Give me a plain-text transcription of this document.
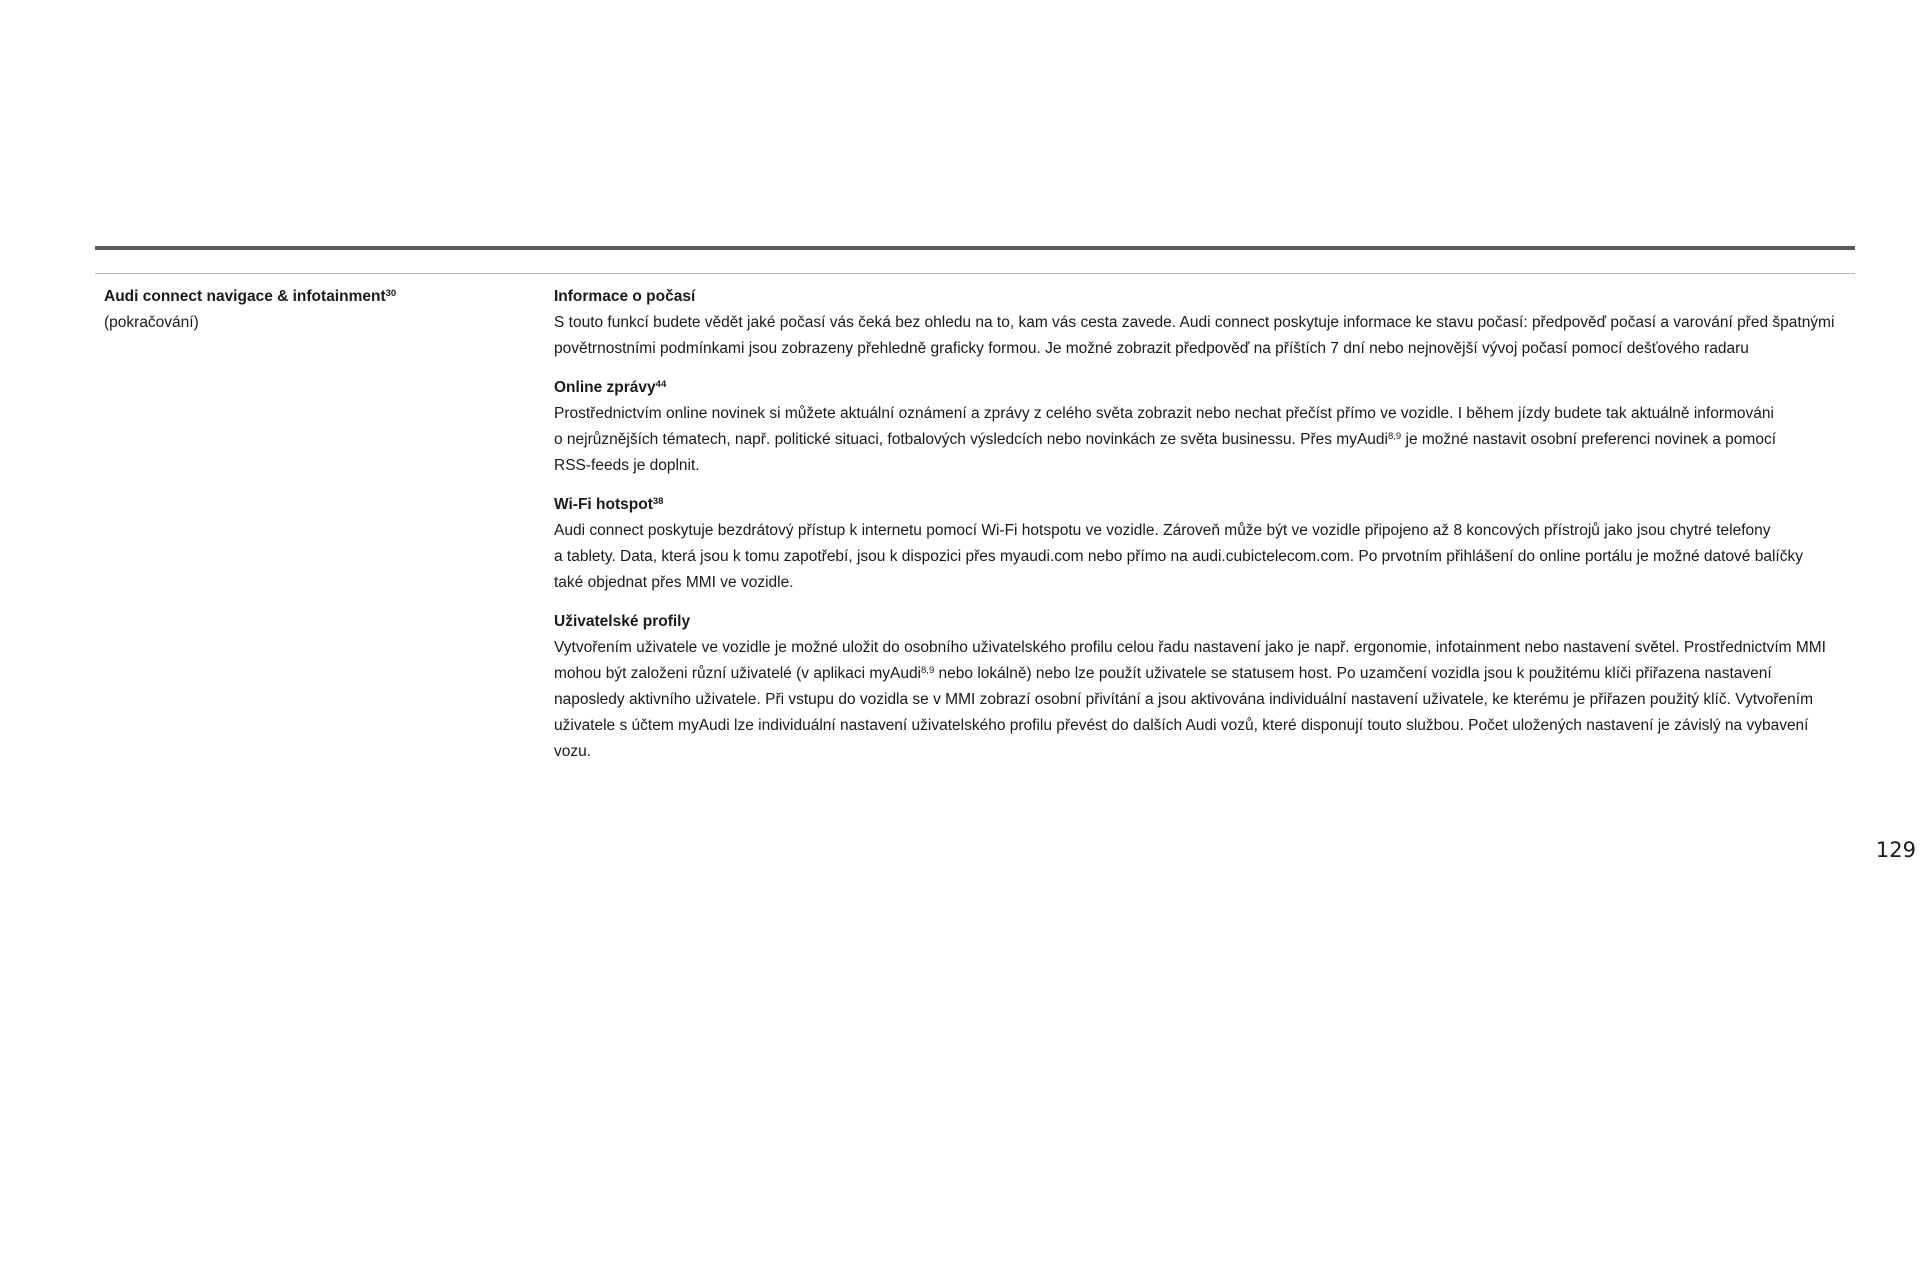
Audi connect navigace & infotainment$^{30}$
(pokračování)

Informace o počasí

S touto funkcí budete vědět jaké počasí vás čeká bez ohledu na to, kam vás cesta zavede. Audi connect poskytuje informace ke stavu počasí: předpověď počasí a varování před špatnými
povětrnostními podmínkami jsou zobrazeny přehledně graficky formou. Je možné zobrazit předpověď na příštích 7 dní nebo nejnovější vývoj počasí pomocí dešťového radaru

Online zprávy$^{44}$

Prostřednictvím online novinek si můžete aktuální oznámení a zprávy z celého světa zobrazit nebo nechat přečíst přímo ve vozidle. I během jízdy budete tak aktuálně informováni
o nejrůznějších tématech, např. politické situaci, fotbalových výsledcích nebo novinkách ze světa businessu. Přes myAudi$^{8,9}$ je možné nastavit osobní preferenci novinek a pomocí
RSS-feeds je doplnit.

Wi-Fi hotspot$^{38}$

Audi connect poskytuje bezdrátový přístup k internetu pomocí Wi-Fi hotspotu ve vozidle. Zároveň může být ve vozidle připojeno až 8 koncových přístrojů jako jsou chytré telefony
a tablety. Data, která jsou k tomu zapotřebí, jsou k dispozici přes myaudi.com nebo přímo na audi.cubictelecom.com. Po prvotním přihlášení do online portálu je možné datové balíčky
také objednat přes MMI ve vozidle.

Uživatelské profily

Vytvořením uživatele ve vozidle je možné uložit do osobního uživatelského profilu celou řadu nastavení jako je např. ergonomie, infotainment nebo nastavení světel. Prostřednictvím MMI
mohou být založeni různí uživatelé (v aplikaci myAudi$^{8,9}$ nebo lokálně) nebo lze použít uživatele se statusem host. Po uzamčení vozidla jsou k použitému klíči přiřazena nastavení
naposledy aktivního uživatele. Při vstupu do vozidla se v MMI zobrazí osobní přivítání a jsou aktivována individuální nastavení uživatele, ke kterému je přiřazen použitý klíč. Vytvořením
uživatele s účtem myAudi lze individuální nastavení uživatelského profilu převést do dalších Audi vozů, které disponují touto službou. Počet uložených nastavení je závislý na vybavení
vozu.

129
